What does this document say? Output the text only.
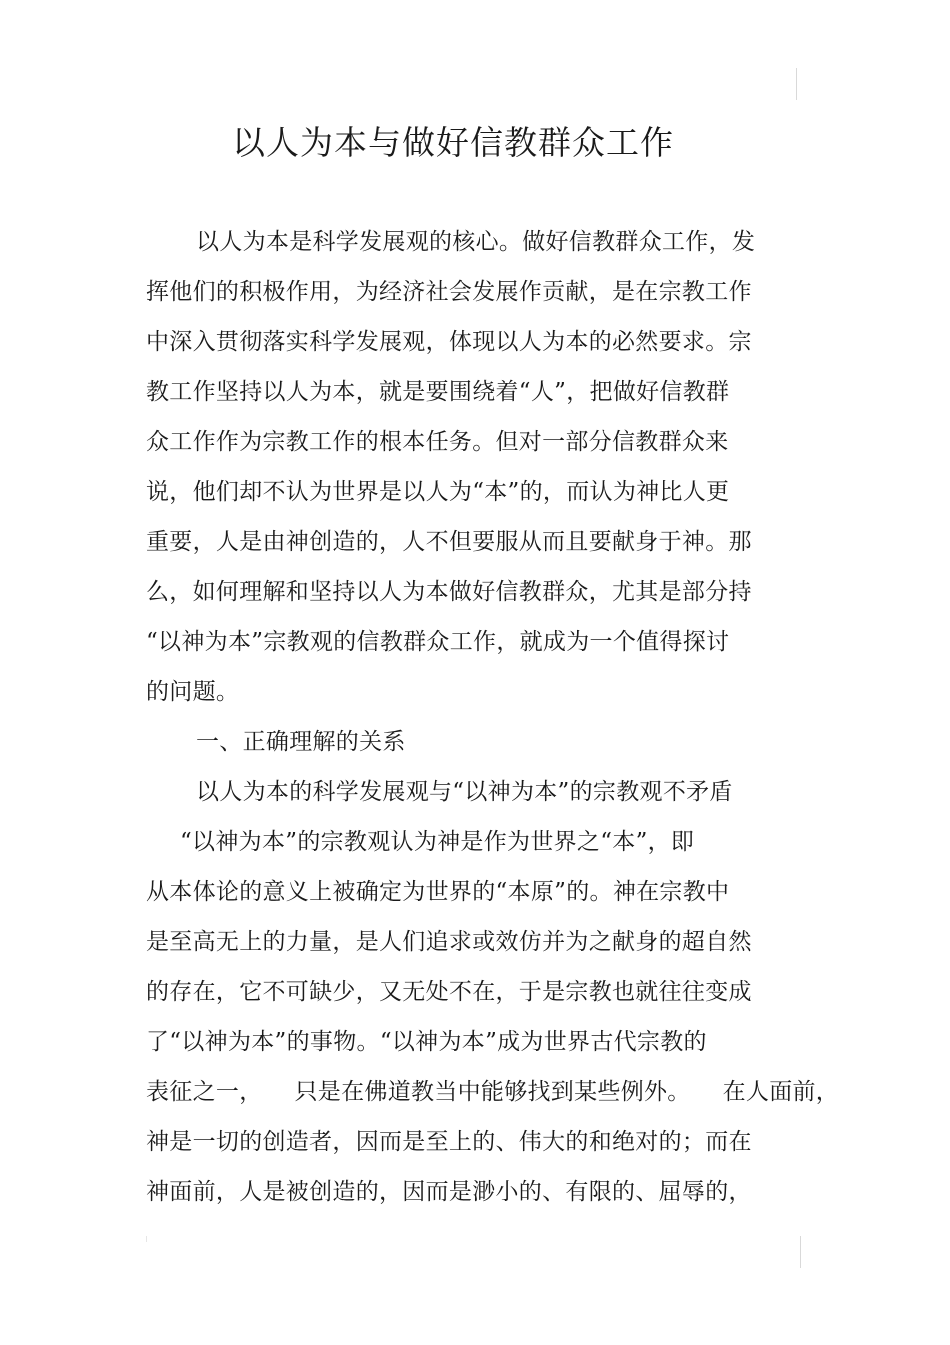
以人为本与做好信教群众工作
以人为本是科学发展观的核心。做好信教群众工作，发
挥他们的积极作用，为经济社会发展作贡献，是在宗教工作
中深入贯彻落实科学发展观，体现以人为本的必然要求。宗
教工作坚持以人为本，就是要围绕着“人”，把做好信教群
众工作作为宗教工作的根本任务。但对一部分信教群众来
说，他们却不认为世界是以人为“本”的，而认为神比人更
重要，人是由神创造的，人不但要服从而且要献身于神。那
么，如何理解和坚持以人为本做好信教群众，尤其是部分持
“以神为本”宗教观的信教群众工作，就成为一个值得探讨
的问题。
一、正确理解的关系
以人为本的科学发展观与“以神为本”的宗教观不矛盾
“以神为本”的宗教观认为神是作为世界之“本”，即
从本体论的意义上被确定为世界的“本原”的。神在宗教中
是至高无上的力量，是人们追求或效仿并为之献身的超自然
的存在，它不可缺少，又无处不在，于是宗教也就往往变成
了“以神为本”的事物。“以神为本”成为世界古代宗教的
表征之一， 只是在佛道教当中能够找到某些例外。 在人面前，
神是一切的创造者，因而是至上的、伟大的和绝对的；而在
神面前，人是被创造的，因而是渺小的、有限的、屈辱的，
